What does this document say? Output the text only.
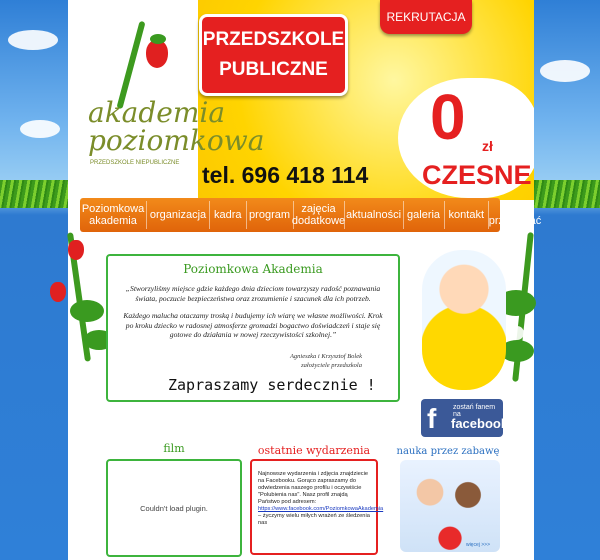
akademia
poziomkowa
PRZEDSZKOLE NIEPUBLICZNE
PRZEDSZKOLE
PUBLICZNE
REKRUTACJA
tel. 696 418 114
0 zł
CZESNE
Poziomkowa akademia	organizacja kadra program	zajęcia dodatkowe aktualności galeria kontakt	warto przeczytać
Poziomkowa Akademia

„Stworzyliśmy miejsce gdzie każdego dnia dzieciom towarzyszy radość poznawania świata, poczucie bezpieczeństwa oraz zrozumienie i szacunek dla ich potrzeb.

Każdego malucha otaczamy troską i budujemy ich wiarę we własne możliwości. Krok po kroku dziecko w radosnej atmosferze gromadzi bogactwo doświadczeń i staje się gotowe do działania w nowej rzeczywistości szkolnej.”

Agnieszka i Krzysztof Bolek
założyciele przedszkola
Zapraszamy serdecznie !
f zostań fanem na
facebook
film
Couldn't load plugin.
ostatnie wydarzenia
Najnowsze wydarzenia i zdjęcia znajdziecie na Facebooku. Gorąco zapraszamy do odwiedzenia naszego profilu i oczywiście "Polubienia nas". Nasz profil znajdą Państwo pod adresem:
https://www.facebook.com/PoziomkowaAkademia
– życzymy wielu miłych wrażeń ze śledzenia nas
nauka przez zabawę
więcej >>>
